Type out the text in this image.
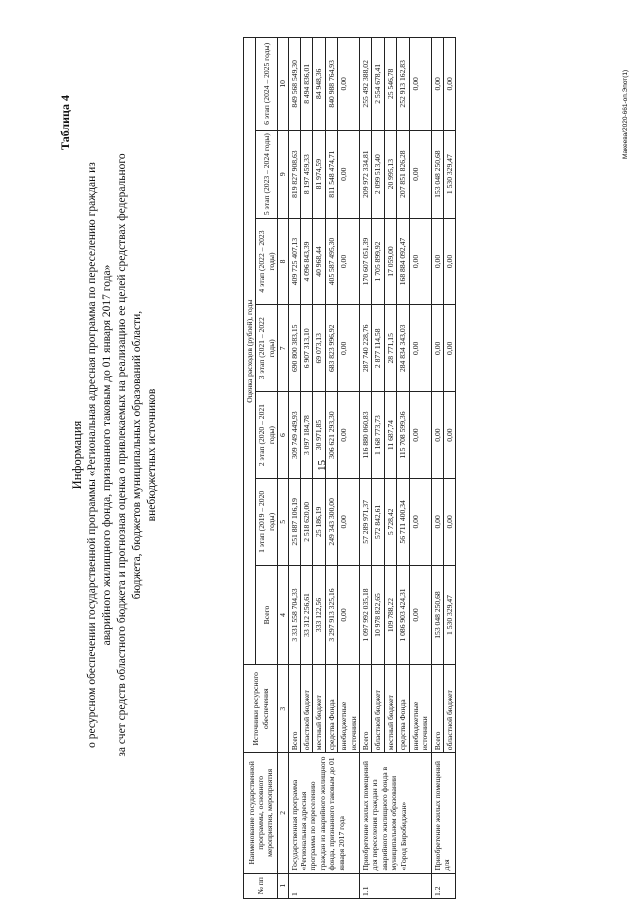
15
Таблица 4
Информация о ресурсном обеспечении государственной программы «Региональная адресная программа по переселению граждан из аварийного жилищного фонда, признанного таковым до 01 января 2017 года» за счет средств областного бюджета и прогнозная оценка о привлекаемых на реализацию ее целей средствах федерального бюджета, бюджетов муниципальных образований области, внебюджетных источников
№ пп	Наименование государственной программы, основного мероприятия, мероприятия	Источники ресурсного обеспечения	Оценка расходов (рублей), годы						
			Всего	1 этап (2019 – 2020 годы)	2 этап (2020 – 2021 годы)	3 этап (2021 – 2022 годы)	4 этап (2022 – 2023 годы)	5 этап (2023 – 2024 годы)	6 этап (2024 – 2025 годы)
1	2	3	4	5	6	7	8	9	10
1	Государственная программа «Региональная адресная программа по переселению граждан из аварийного жилищного фонда, признанного таковым до 01 января 2017 года	Всего	3 331 558 704,33	251 887 106,19	309 749 449,93	690 800 383,15	409 725 407,13	819 827 908,63	849 568 549,30
		областной бюджет	33 312 256,61	2 518 620,00	3 097 184,78	6 907 313,10	4 096 843,39	8 197 459,33	8 494 836,01
		местный бюджет	333 122,56	25 186,19	30 971,85	69 073,13	40 968,44	81 974,59	84 948,36
		средства Фонда	3 297 913 325,16	249 343 300,00	306 621 293,30	683 823 996,92	405 587 495,30	811 548 474,71	840 988 764,93
		внебюджетные источники	0,00	0,00	0,00	0,00	0,00	0,00	0,00
1.1	Приобретение жилых помещений для переселения граждан из аварийного жилищного фонда в муниципальном образовании «Город Биробиджан»	Всего	1 097 992 035,18	57 289 971,37	116 880 060,83	287 740 228,76	170 607 051,39	209 972 334,81	255 492 388,02
		областной бюджет	10 978 822,65	572 842,61	1 168 773,73	2 877 114,58	1 705 899,92	2 099 513,40	2 554 678,41
		местный бюджет	109 788,22	5 728,42	11 687,74	28 771,15	17 059,00	20 995,13	25 546,78
		средства Фонда	1 086 903 424,31	56 711 400,34	115 708 599,36	284 834 343,03	168 884 092,47	207 851 826,28	252 913 162,83
		внебюджетные источники	0,00	0,00	0,00	0,00	0,00	0,00	0,00
1.2	Приобретение жилых помещений для	Всего	153 048 250,68	0,00	0,00	0,00	0,00	153 048 250,68	0,00
		областной бюджет	1 530 329,47	0,00	0,00	0,00	0,00	1 530 329,47	0,00	Макеева/2020-661-оп.Эпот(1)
